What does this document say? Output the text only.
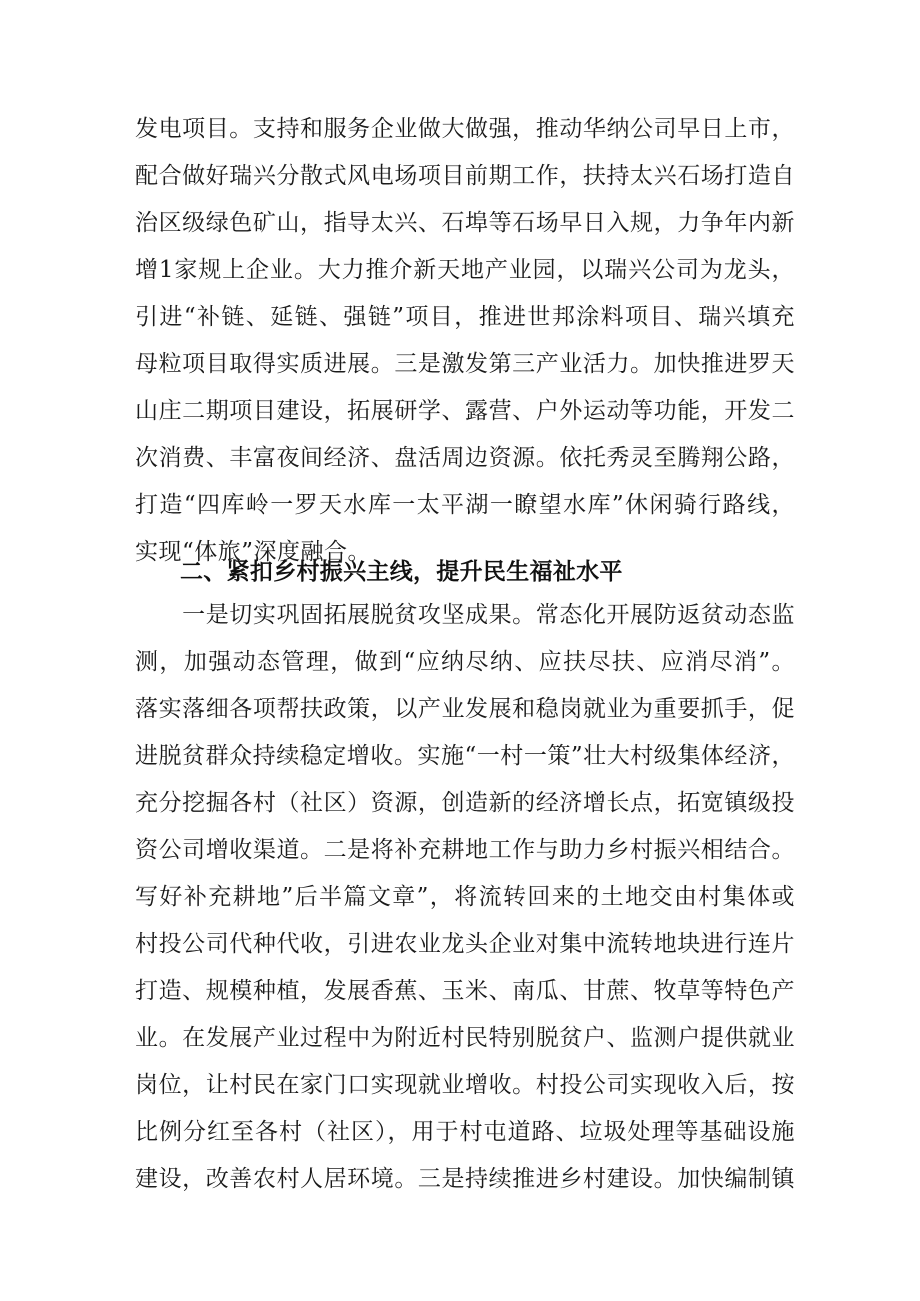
发电项目。支持和服务企业做大做强，推动华纳公司早日上市，
配合做好瑞兴分散式风电场项目前期工作，扶持太兴石场打造自
治区级绿色矿山，指导太兴、石埠等石场早日入规，力争年内新
增1家规上企业。大力推介新天地产业园，以瑞兴公司为龙头，
引进“补链、延链、强链”项目，推进世邦涂料项目、瑞兴填充
母粒项目取得实质进展。三是激发第三产业活力。加快推进罗天
山庄二期项目建设，拓展研学、露营、户外运动等功能，开发二
次消费、丰富夜间经济、盘活周边资源。依托秀灵至腾翔公路，
打造“四库岭一罗天水库一太平湖一瞭望水库”休闲骑行路线，
实现“体旅”深度融合。
二、紧扣乡村振兴主线，提升民生福祉水平
　　一是切实巩固拓展脱贫攻坚成果。常态化开展防返贫动态监
测，加强动态管理，做到“应纳尽纳、应扶尽扶、应消尽消”。
落实落细各项帮扶政策，以产业发展和稳岗就业为重要抓手，促
进脱贫群众持续稳定增收。实施“一村一策”壮大村级集体经济，
充分挖掘各村（社区）资源，创造新的经济增长点，拓宽镇级投
资公司增收渠道。二是将补充耕地工作与助力乡村振兴相结合。
写好补充耕地”后半篇文章”，将流转回来的土地交由村集体或
村投公司代种代收，引进农业龙头企业对集中流转地块进行连片
打造、规模种植，发展香蕉、玉米、南瓜、甘蔗、牧草等特色产
业。在发展产业过程中为附近村民特别脱贫户、监测户提供就业
岗位，让村民在家门口实现就业增收。村投公司实现收入后，按
比例分红至各村（社区），用于村屯道路、垃圾处理等基础设施
建设，改善农村人居环境。三是持续推进乡村建设。加快编制镇
